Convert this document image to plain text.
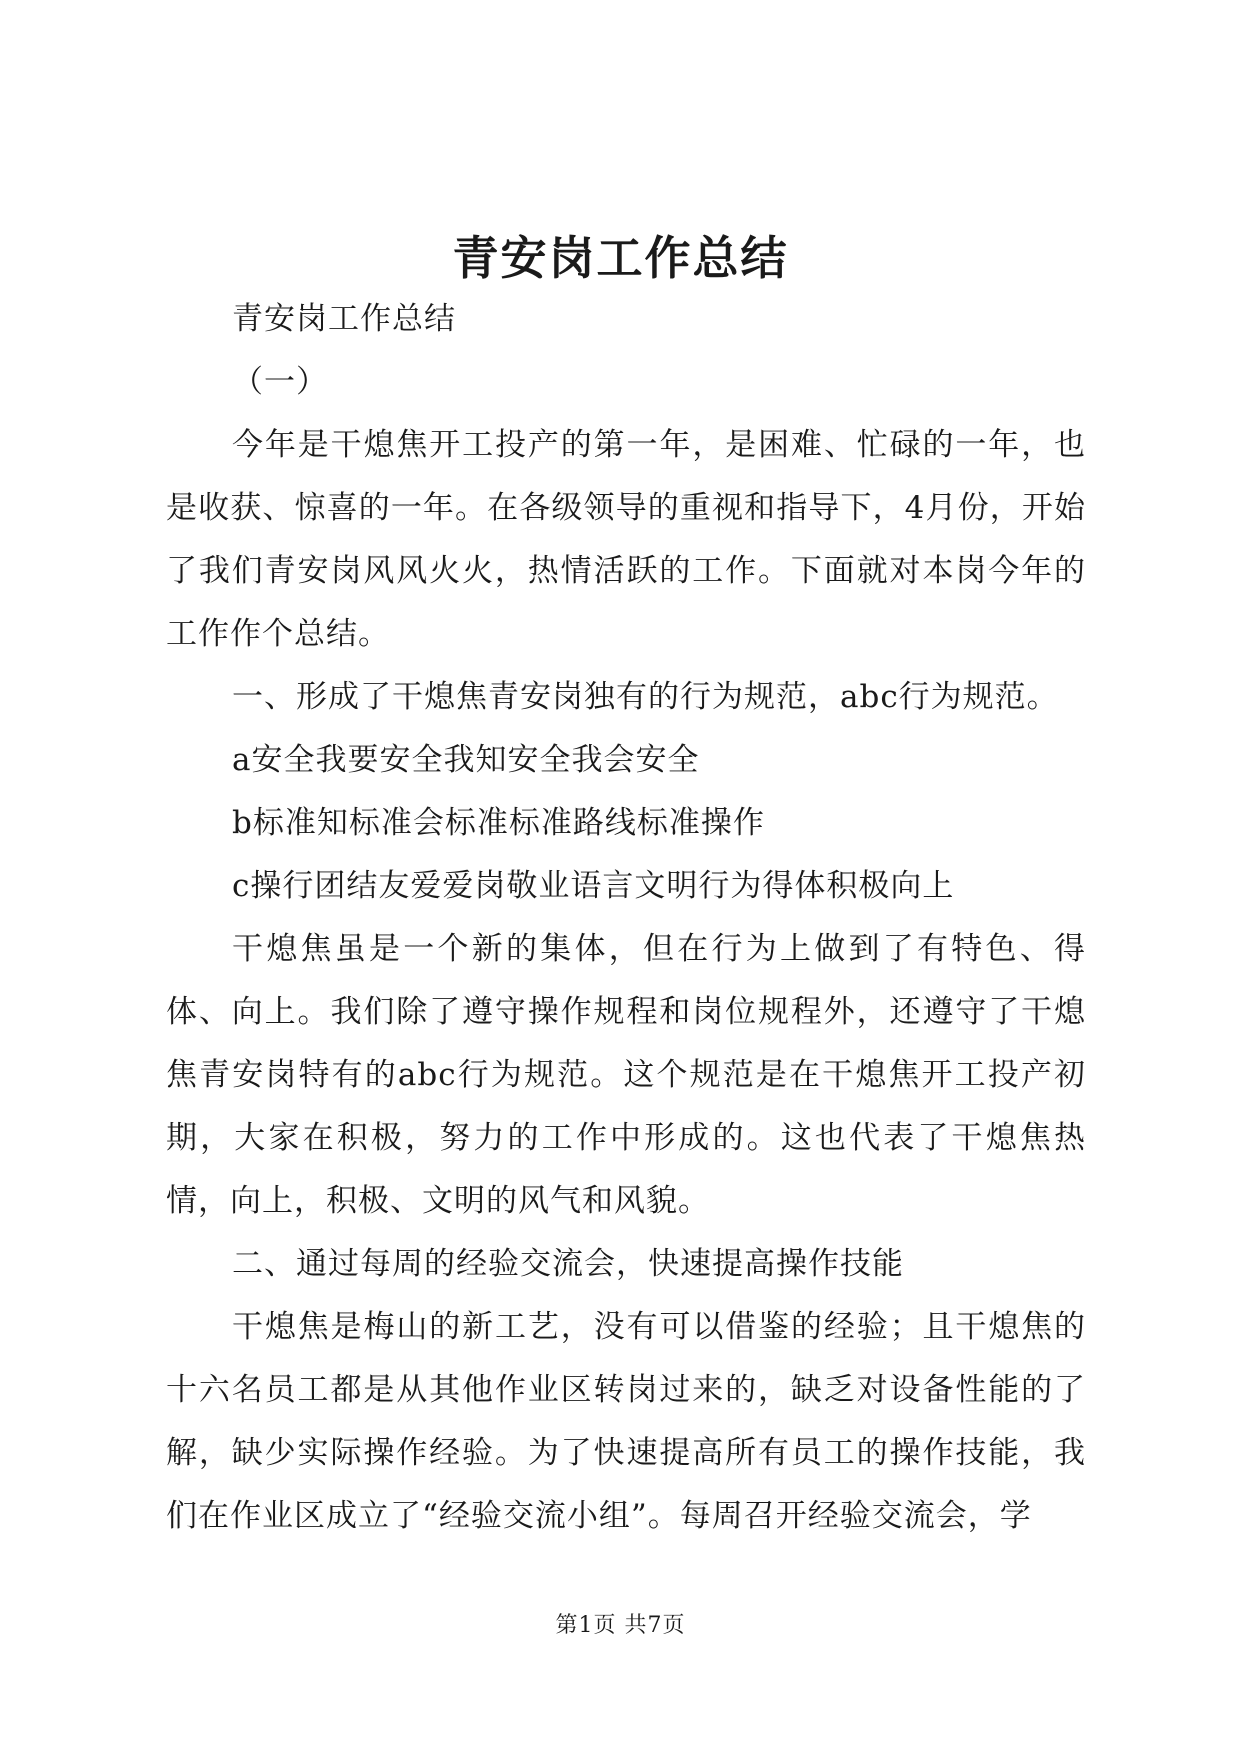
青安岗工作总结

青安岗工作总结

（一）

今年是干熄焦开工投产的第一年，是困难、忙碌的一年，也是收获、惊喜的一年。在各级领导的重视和指导下，4月份，开始了我们青安岗风风火火，热情活跃的工作。下面就对本岗今年的工作作个总结。

一、形成了干熄焦青安岗独有的行为规范，abc行为规范。

a安全我要安全我知安全我会安全

b标准知标准会标准标准路线标准操作

c操行团结友爱爱岗敬业语言文明行为得体积极向上

干熄焦虽是一个新的集体，但在行为上做到了有特色、得体、向上。我们除了遵守操作规程和岗位规程外，还遵守了干熄焦青安岗特有的abc行为规范。这个规范是在干熄焦开工投产初期，大家在积极，努力的工作中形成的。这也代表了干熄焦热情，向上，积极、文明的风气和风貌。

二、通过每周的经验交流会，快速提高操作技能

干熄焦是梅山的新工艺，没有可以借鉴的经验；且干熄焦的十六名员工都是从其他作业区转岗过来的，缺乏对设备性能的了解，缺少实际操作经验。为了快速提高所有员工的操作技能，我们在作业区成立了“经验交流小组”。每周召开经验交流会，学

第1页 共7页
